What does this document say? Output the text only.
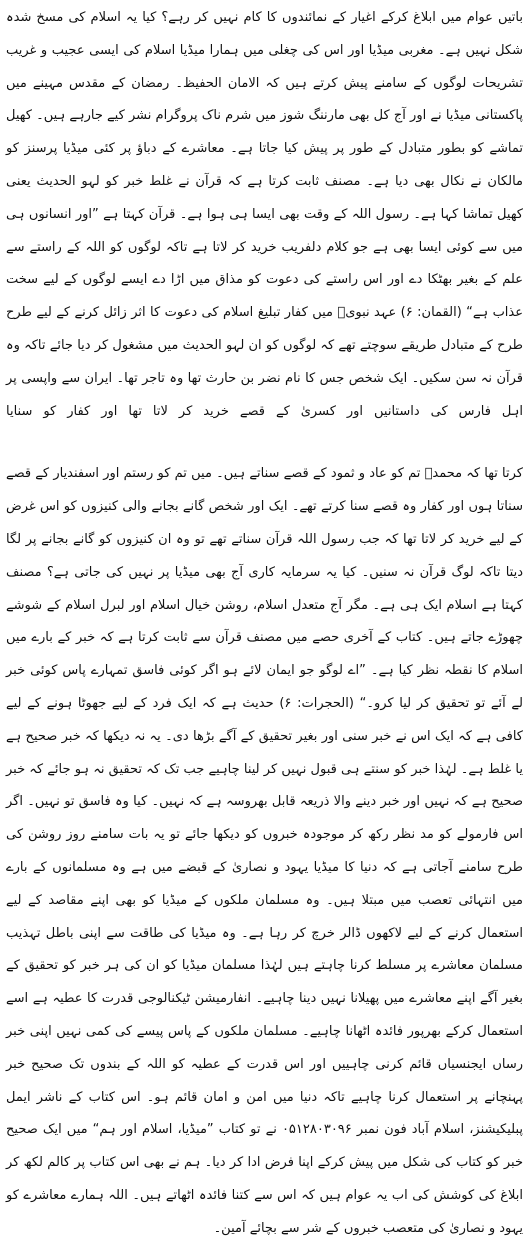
باتیں عوام میں ابلاغ کرکے اغیار کے نمائندوں کا کام نہیں کر رہے؟ کیا یہ اسلام کی مسخ شدہ شکل نہیں ہے۔ مغربی میڈیا اور اس کی چغلی میں ہمارا میڈیا اسلام کی ایسی عجیب و غریب تشریحات لوگوں کے سامنے پیش کرتے ہیں کہ الامان الحفیظ۔ رمضان کے مقدس مہینے میں پاکستانی میڈیا نے اور آج کل بھی مارننگ شوز میں شرم ناک پروگرام نشر کیے جارہے ہیں۔ کھیل تماشے کو بطور متبادل کے طور پر پیش کیا جاتا ہے۔ معاشرے کے دباؤ پر کئی میڈیا پرسنز کو مالکان نے نکال بھی دیا ہے۔ مصنف ثابت کرتا ہے کہ قرآن نے غلط خبر کو لہو الحدیث یعنی کھیل تماشا کہا ہے۔ رسول اللہ کے وقت بھی ایسا ہی ہوا ہے۔ قرآن کہتا ہے ”اور انسانوں ہی میں سے کوئی ایسا بھی ہے جو کلام دلفریب خرید کر لاتا ہے تاکہ لوگوں کو اللہ کے راستے سے علم کے بغیر بھٹکا دے اور اس راستے کی دعوت کو مذاق میں اڑا دے ایسے لوگوں کے لیے سخت عذاب ہے“ (القمان: ۶) عہد نبویؐ میں کفار تبلیغ اسلام کی دعوت کا اثر زائل کرنے کے لیے طرح طرح کے متبادل طریقے سوچتے تھے کہ لوگوں کو ان لہو الحدیث میں مشغول کر دیا جائے تاکہ وہ قرآن نہ سن سکیں۔ ایک شخص جس کا نام نضر بن حارث تھا وہ تاجر تھا۔ ایران سے واپسی پر اہل فارس کی داستانیں اور کسریٰ کے قصے خرید کر لاتا تھا اور کفار کو سنایا

کرتا تھا کہ محمدؐ تم کو عاد و ثمود کے قصے سناتے ہیں۔ میں تم کو رستم اور اسفندیار کے قصے سناتا ہوں اور کفار وہ قصے سنا کرتے تھے۔ ایک اور شخص گانے بجانے والی کنیزوں کو اس غرض کے لیے خرید کر لاتا تھا کہ جب رسول اللہ قرآن سناتے تھے تو وہ ان کنیزوں کو گانے بجانے پر لگا دیتا تاکہ لوگ قرآن نہ سنیں۔ کیا یہ سرمایہ کاری آج بھی میڈیا پر نہیں کی جاتی ہے؟ مصنف کہتا ہے اسلام ایک ہی ہے۔ مگر آج متعدل اسلام، روشن خیال اسلام اور لبرل اسلام کے شوشے چھوڑے جاتے ہیں۔ کتاب کے آخری حصے میں مصنف قرآن سے ثابت کرتا ہے کہ خبر کے بارے میں اسلام کا نقطہ نظر کیا ہے۔ ”اے لوگو جو ایمان لائے ہو اگر کوئی فاسق تمہارے پاس کوئی خبر لے آئے تو تحقیق کر لیا کرو۔“ (الحجرات: ۶) حدیث ہے کہ ایک فرد کے لیے جھوٹا ہونے کے لیے کافی ہے کہ ایک اس نے خبر سنی اور بغیر تحقیق کے آگے بڑھا دی۔ یہ نہ دیکھا کہ خبر صحیح ہے یا غلط ہے۔ لہٰذا خبر کو سنتے ہی قبول نہیں کر لینا چاہیے جب تک کہ تحقیق نہ ہو جائے کہ خبر صحیح ہے کہ نہیں اور خبر دینے والا ذریعہ قابل بھروسہ ہے کہ نہیں۔ کیا وہ فاسق تو نہیں۔ اگر اس فارمولے کو مد نظر رکھ کر موجودہ خبروں کو دیکھا جائے تو یہ بات سامنے روز روشن کی طرح سامنے آجاتی ہے کہ دنیا کا میڈیا یہود و نصاریٰ کے قبضے میں ہے وہ مسلمانوں کے بارے میں انتہائی تعصب میں مبتلا ہیں۔ وہ مسلمان ملکوں کے میڈیا کو بھی اپنے مقاصد کے لیے استعمال کرنے کے لیے لاکھوں ڈالر خرچ کر رہا ہے۔ وہ میڈیا کی طاقت سے اپنی باطل تہذیب مسلمان معاشرے پر مسلط کرنا چاہتے ہیں لہٰذا مسلمان میڈیا کو ان کی ہر خبر کو تحقیق کے بغیر آگے اپنے معاشرے میں پھیلانا نہیں دینا چاہیے۔ انفارمیشن ٹیکنالوجی قدرت کا عطیہ ہے اسے استعمال کرکے بھرپور فائدہ اٹھانا چاہیے۔ مسلمان ملکوں کے پاس پیسے کی کمی نہیں اپنی خبر رساں ایجنسیاں قائم کرنی چاہییں اور اس قدرت کے عطیہ کو اللہ کے بندوں تک صحیح خبر پہنچانے پر استعمال کرنا چاہیے تاکہ دنیا میں امن و امان قائم ہو۔ اس کتاب کے ناشر ایمل پبلیکیشنز، اسلام آباد فون نمبر ۰۵۱۲۸۰۳۰۹۶ نے تو کتاب ”میڈیا، اسلام اور ہم“ میں ایک صحیح خبر کو کتاب کی شکل میں پیش کرکے اپنا فرض ادا کر دیا۔ ہم نے بھی اس کتاب پر کالم لکھ کر ابلاغ کی کوشش کی اب یہ عوام ہیں کہ اس سے کتنا فائدہ اٹھاتے ہیں۔ اللہ ہمارے معاشرے کو یہود و نصاریٰ کی متعصب خبروں کے شر سے بچائے آمین۔
